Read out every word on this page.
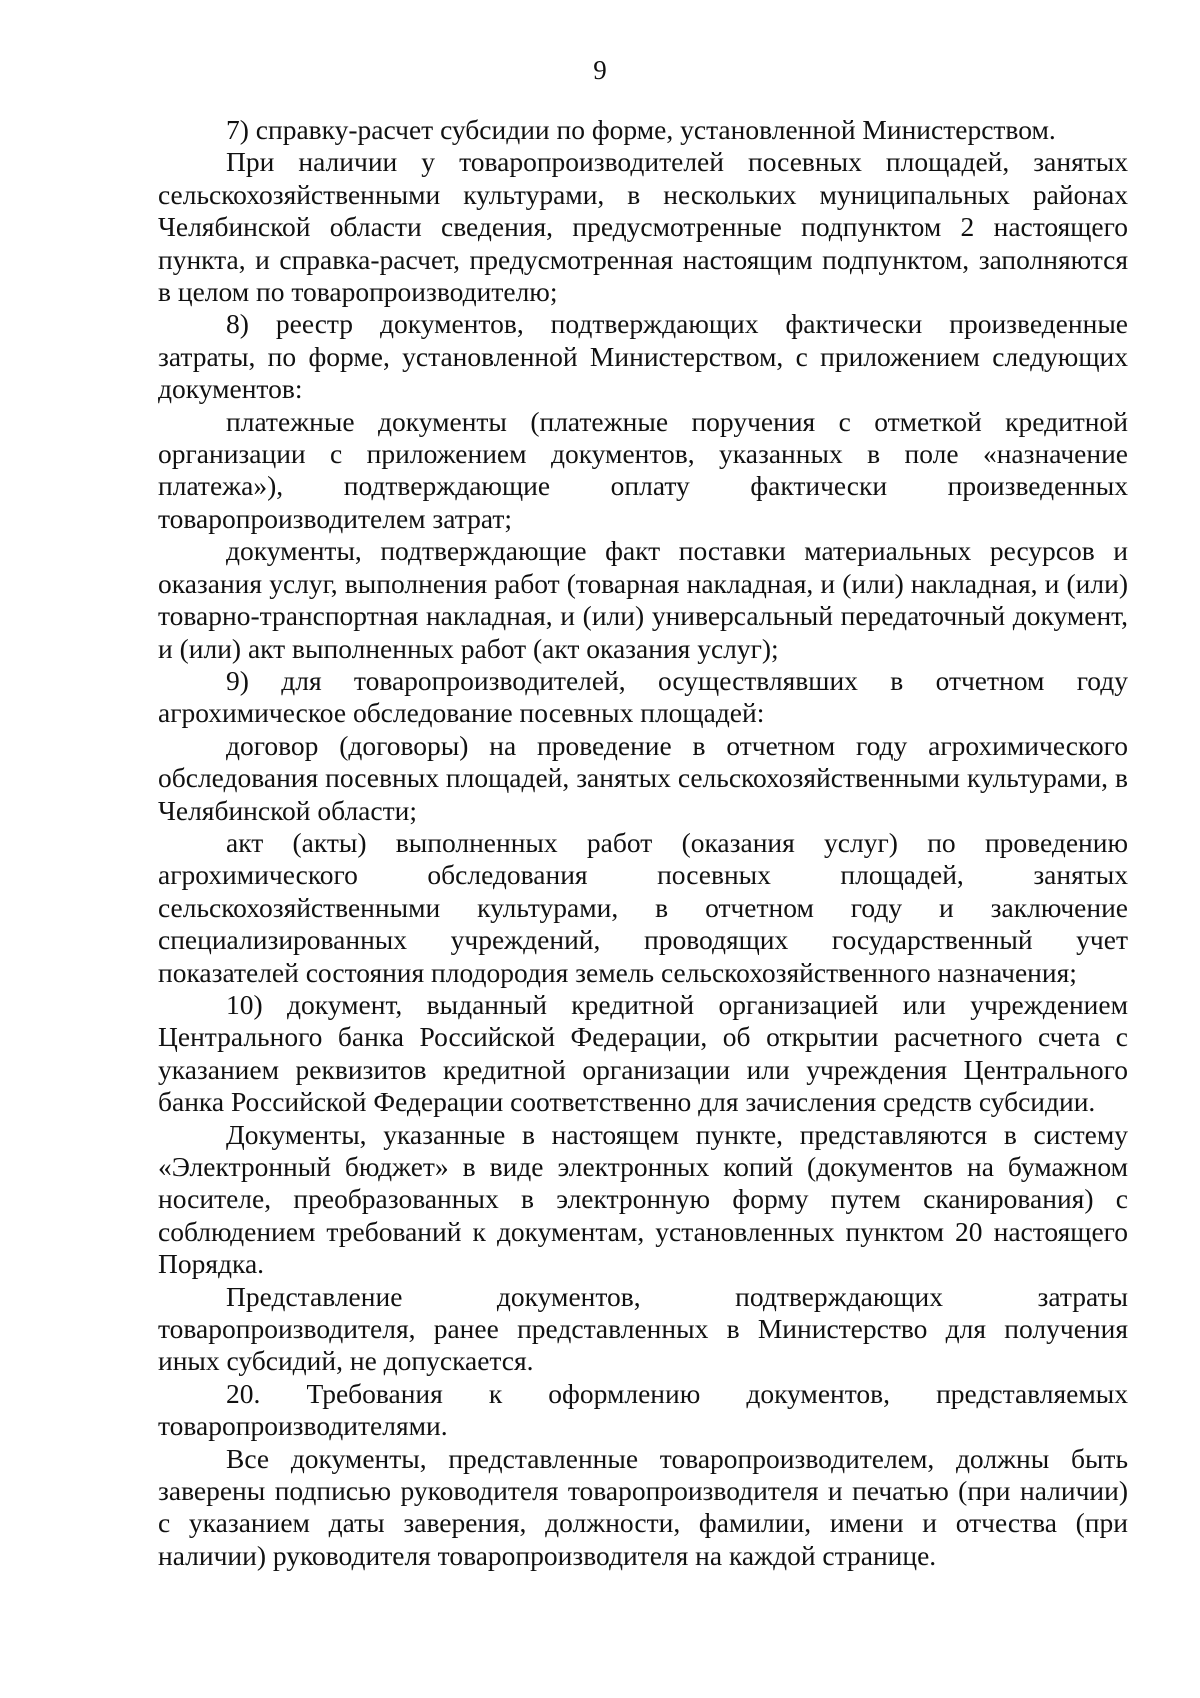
9

7) справку-расчет субсидии по форме, установленной Министерством.

При наличии у товаропроизводителей посевных площадей, занятых сельскохозяйственными культурами, в нескольких муниципальных районах Челябинской области сведения, предусмотренные подпунктом 2 настоящего пункта, и справка-расчет, предусмотренная настоящим подпунктом, заполняются в целом по товаропроизводителю;

8) реестр документов, подтверждающих фактически произведенные затраты, по форме, установленной Министерством, с приложением следующих документов:

платежные документы (платежные поручения с отметкой кредитной организации с приложением документов, указанных в поле «назначение платежа»), подтверждающие оплату фактически произведенных товаропроизводителем затрат;

документы, подтверждающие факт поставки материальных ресурсов и оказания услуг, выполнения работ (товарная накладная, и (или) накладная, и (или) товарно-транспортная накладная, и (или) универсальный передаточный документ, и (или) акт выполненных работ (акт оказания услуг);

9) для товаропроизводителей, осуществлявших в отчетном году агрохимическое обследование посевных площадей:

договор (договоры) на проведение в отчетном году агрохимического обследования посевных площадей, занятых сельскохозяйственными культурами, в Челябинской области;

акт (акты) выполненных работ (оказания услуг) по проведению агрохимического обследования посевных площадей, занятых сельскохозяйственными культурами, в отчетном году и заключение специализированных учреждений, проводящих государственный учет показателей состояния плодородия земель сельскохозяйственного назначения;

10) документ, выданный кредитной организацией или учреждением Центрального банка Российской Федерации, об открытии расчетного счета с указанием реквизитов кредитной организации или учреждения Центрального банка Российской Федерации соответственно для зачисления средств субсидии.

Документы, указанные в настоящем пункте, представляются в систему «Электронный бюджет» в виде электронных копий (документов на бумажном носителе, преобразованных в электронную форму путем сканирования) с соблюдением требований к документам, установленных пунктом 20 настоящего Порядка.

Представление документов, подтверждающих затраты товаропроизводителя, ранее представленных в Министерство для получения иных субсидий, не допускается.

20. Требования к оформлению документов, представляемых товаропроизводителями.

Все документы, представленные товаропроизводителем, должны быть заверены подписью руководителя товаропроизводителя и печатью (при наличии) с указанием даты заверения, должности, фамилии, имени и отчества (при наличии) руководителя товаропроизводителя на каждой странице.
